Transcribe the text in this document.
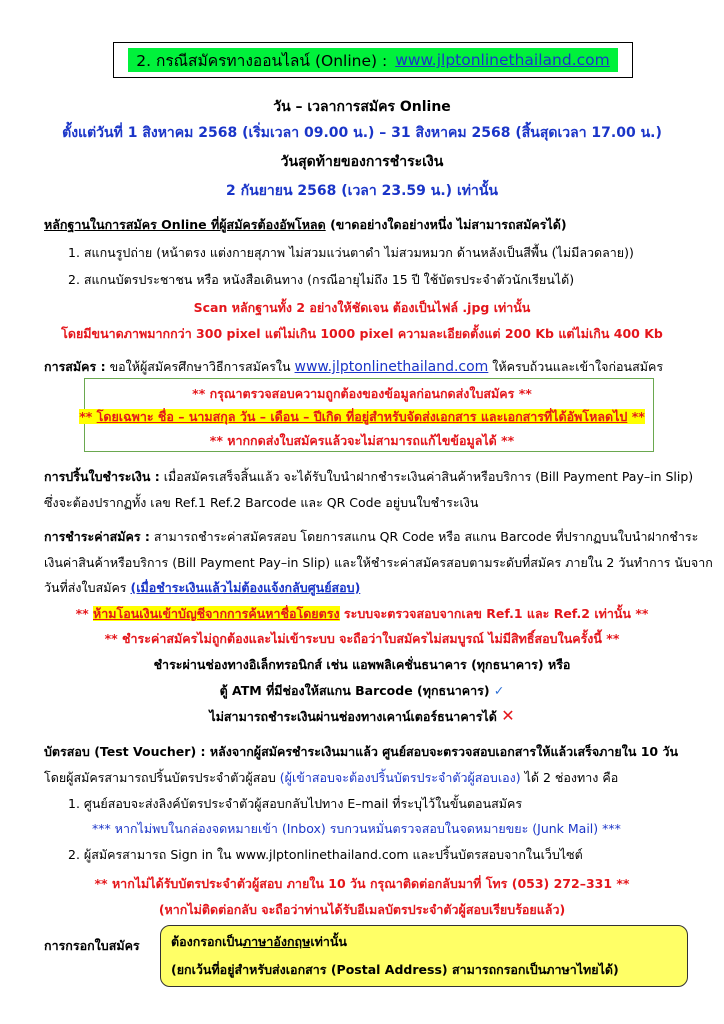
2. กรณีสมัครทางออนไลน์ (Online) : www.jlptonlinethailand.com
วัน – เวลาการสมัคร Online
ตั้งแต่วันที่ 1 สิงหาคม 2568 (เริ่มเวลา 09.00 น.) – 31 สิงหาคม 2568 (สิ้นสุดเวลา 17.00 น.)
วันสุดท้ายของการชำระเงิน
2 กันยายน 2568 (เวลา 23.59 น.) เท่านั้น
หลักฐานในการสมัคร Online ที่ผู้สมัครต้องอัพโหลด (ขาดอย่างใดอย่างหนึ่ง ไม่สามารถสมัครได้)
1. สแกนรูปถ่าย (หน้าตรง แต่งกายสุภาพ ไม่สวมแว่นตาดำ ไม่สวมหมวก ด้านหลังเป็นสีพื้น (ไม่มีลวดลาย))
2. สแกนบัตรประชาชน หรือ หนังสือเดินทาง (กรณีอายุไม่ถึง 15 ปี ใช้บัตรประจำตัวนักเรียนได้)
Scan หลักฐานทั้ง 2 อย่างให้ชัดเจน ต้องเป็นไฟล์ .jpg เท่านั้น
โดยมีขนาดภาพมากกว่า 300 pixel แต่ไม่เกิน 1000 pixel ความละเอียดตั้งแต่ 200 Kb แต่ไม่เกิน 400 Kb
การสมัคร : ขอให้ผู้สมัครศึกษาวิธีการสมัครใน www.jlptonlinethailand.com ให้ครบถ้วนและเข้าใจก่อนสมัคร
** กรุณาตรวจสอบความถูกต้องของข้อมูลก่อนกดส่งใบสมัคร **
** โดยเฉพาะ ชื่อ – นามสกุล วัน – เดือน – ปีเกิด ที่อยู่สำหรับจัดส่งเอกสาร และเอกสารที่ได้อัพโหลดไป **
** หากกดส่งใบสมัครแล้วจะไม่สามารถแก้ไขข้อมูลได้ **
การปริ้นใบชำระเงิน : เมื่อสมัครเสร็จสิ้นแล้ว จะได้รับใบนำฝากชำระเงินค่าสินค้าหรือบริการ (Bill Payment Pay–in Slip)
ซึ่งจะต้องปรากฏทั้ง เลข Ref.1 Ref.2 Barcode และ QR Code อยู่บนใบชำระเงิน
การชำระค่าสมัคร : สามารถชำระค่าสมัครสอบ โดยการสแกน QR Code หรือ สแกน Barcode ที่ปรากฏบนใบนำฝากชำระ
เงินค่าสินค้าหรือบริการ (Bill Payment Pay–in Slip) และให้ชำระค่าสมัครสอบตามระดับที่สมัคร ภายใน 2 วันทำการ นับจาก
วันที่ส่งใบสมัคร (เมื่อชำระเงินแล้วไม่ต้องแจ้งกลับศูนย์สอบ)
** ห้ามโอนเงินเข้าบัญชีจากการค้นหาชื่อโดยตรง ระบบจะตรวจสอบจากเลข Ref.1 และ Ref.2 เท่านั้น **
** ชำระค่าสมัครไม่ถูกต้องและไม่เข้าระบบ จะถือว่าใบสมัครไม่สมบูรณ์ ไม่มีสิทธิ์สอบในครั้งนี้ **
ชำระผ่านช่องทางอิเล็กทรอนิกส์ เช่น แอพพลิเคชั่นธนาคาร (ทุกธนาคาร) หรือ
ตู้ ATM ที่มีช่องให้สแกน Barcode (ทุกธนาคาร) ✓
ไม่สามารถชำระเงินผ่านช่องทางเคาน์เตอร์ธนาคารได้ ✕
บัตรสอบ (Test Voucher) : หลังจากผู้สมัครชำระเงินมาแล้ว ศูนย์สอบจะตรวจสอบเอกสารให้แล้วเสร็จภายใน 10 วัน
โดยผู้สมัครสามารถปริ้นบัตรประจำตัวผู้สอบ (ผู้เข้าสอบจะต้องปริ้นบัตรประจำตัวผู้สอบเอง) ได้ 2 ช่องทาง คือ
1. ศูนย์สอบจะส่งลิงค์บัตรประจำตัวผู้สอบกลับไปทาง E–mail ที่ระบุไว้ในขั้นตอนสมัคร
*** หากไม่พบในกล่องจดหมายเข้า (Inbox) รบกวนหมั่นตรวจสอบในจดหมายขยะ (Junk Mail) ***
2. ผู้สมัครสามารถ Sign in ใน www.jlptonlinethailand.com และปริ้นบัตรสอบจากในเว็บไซต์
** หากไม่ได้รับบัตรประจำตัวผู้สอบ ภายใน 10 วัน กรุณาติดต่อกลับมาที่ โทร (053) 272–331 **
(หากไม่ติดต่อกลับ จะถือว่าท่านได้รับอีเมลบัตรประจำตัวผู้สอบเรียบร้อยแล้ว)
การกรอกใบสมัคร	ต้องกรอกเป็นภาษาอังกฤษเท่านั้น
(ยกเว้นที่อยู่สำหรับส่งเอกสาร (Postal Address) สามารถกรอกเป็นภาษาไทยได้)
